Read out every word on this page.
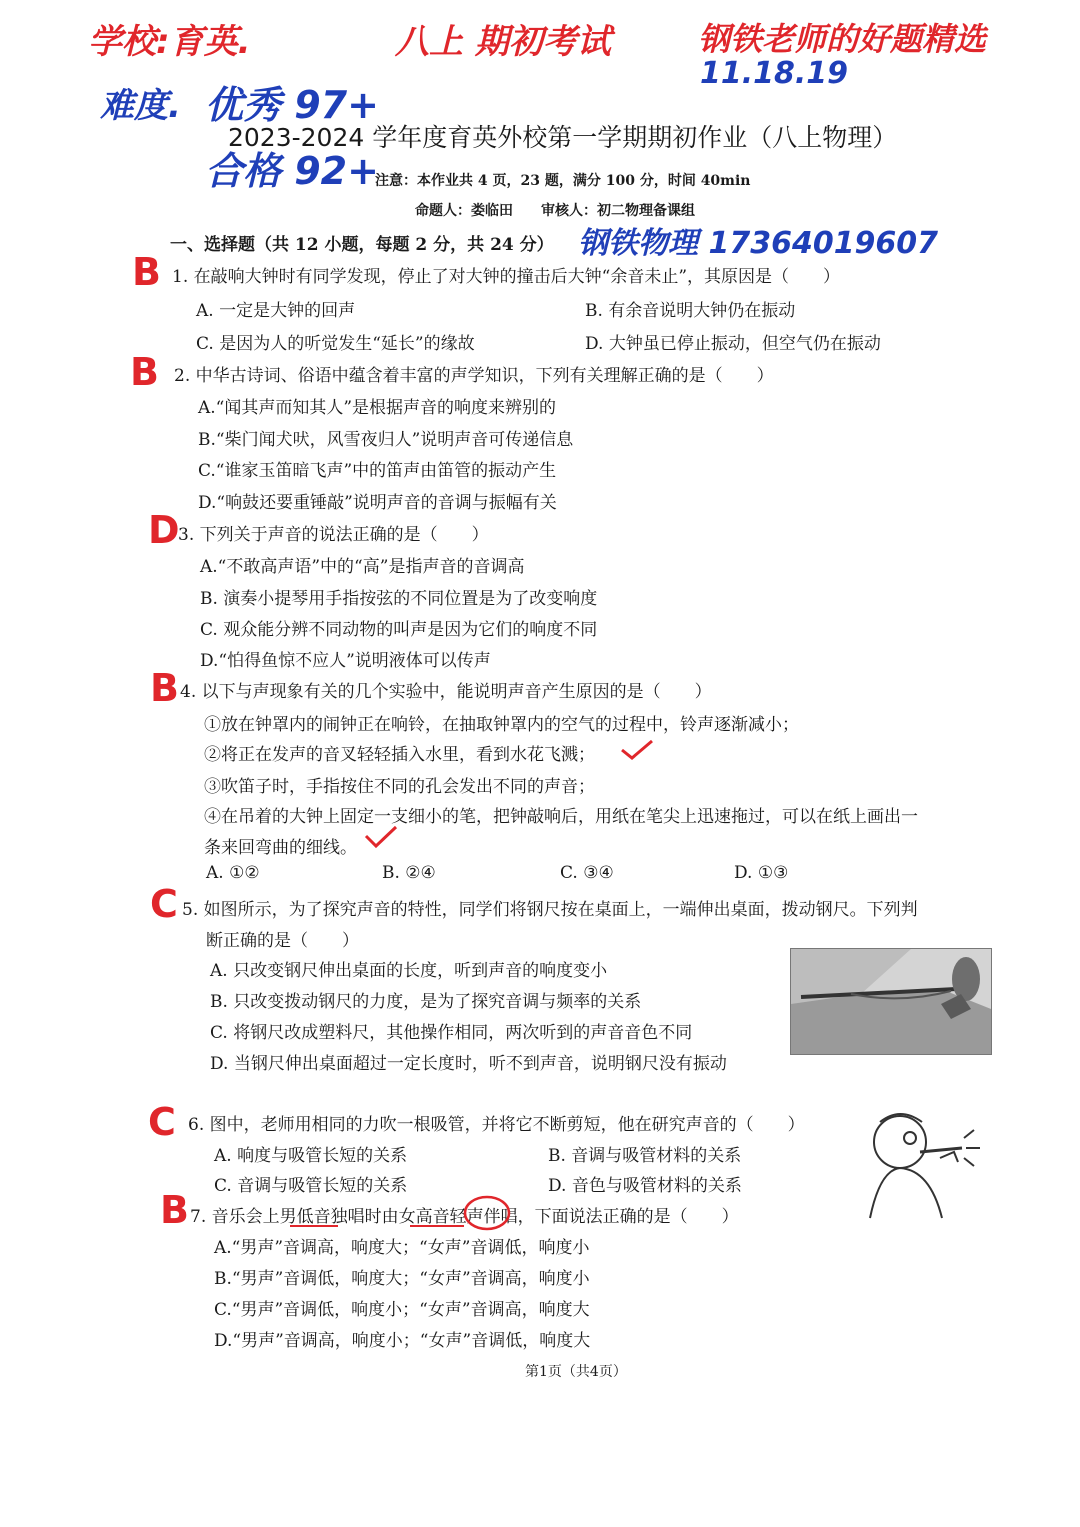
学校:育英.	八上 期初考试	钢铁老师的好题精选
11.18.19
难度. 优秀 97+
合格 92+
钢铁物理 17364019607
2023-2024 学年度育英外校第一学期期初作业（八上物理）
注意：本作业共 4 页，23 题，满分 100 分，时间 40min
命题人：娄临田　　审核人：初二物理备课组
一、选择题（共 12 小题，每题 2 分，共 24 分）
B 1. 在敲响大钟时有同学发现，停止了对大钟的撞击后大钟“余音未止”，其原因是（　　）
A. 一定是大钟的回声	B. 有余音说明大钟仍在振动
C. 是因为人的听觉发生“延长”的缘故	D. 大钟虽已停止振动，但空气仍在振动
B 2. 中华古诗词、俗语中蕴含着丰富的声学知识，下列有关理解正确的是（　　）
A.“闻其声而知其人”是根据声音的响度来辨别的
B.“柴门闻犬吠，风雪夜归人”说明声音可传递信息
C.“谁家玉笛暗飞声”中的笛声由笛管的振动产生
D.“响鼓还要重锤敲”说明声音的音调与振幅有关
D
3. 下列关于声音的说法正确的是（　　）
A.“不敢高声语”中的“高”是指声音的音调高
B. 演奏小提琴用手指按弦的不同位置是为了改变响度
C. 观众能分辨不同动物的叫声是因为它们的响度不同
D.“怕得鱼惊不应人”说明液体可以传声
B 4. 以下与声现象有关的几个实验中，能说明声音产生原因的是（　　）
①放在钟罩内的闹钟正在响铃，在抽取钟罩内的空气的过程中，铃声逐渐减小；
②将正在发声的音叉轻轻插入水里，看到水花飞溅；
③吹笛子时，手指按住不同的孔会发出不同的声音；
④在吊着的大钟上固定一支细小的笔，把钟敲响后，用纸在笔尖上迅速拖过，可以在纸上画出一
条来回弯曲的细线。
A. ①②	B. ②④	C. ③④	D. ①③
C 5. 如图所示，为了探究声音的特性，同学们将钢尺按在桌面上，一端伸出桌面，拨动钢尺。下列判
断正确的是（　　）
A. 只改变钢尺伸出桌面的长度，听到声音的响度变小
B. 只改变拨动钢尺的力度，是为了探究音调与频率的关系
C. 将钢尺改成塑料尺，其他操作相同，两次听到的声音音色不同
D. 当钢尺伸出桌面超过一定长度时，听不到声音，说明钢尺没有振动
C 6. 图中，老师用相同的力吹一根吸管，并将它不断剪短，他在研究声音的（　　）
A. 响度与吸管长短的关系	B. 音调与吸管材料的关系
C. 音调与吸管长短的关系	D. 音色与吸管材料的关系
B 7. 音乐会上男低音独唱时由女高音轻声伴唱，下面说法正确的是（　　）
A.“男声”音调高，响度大；“女声”音调低，响度小
B.“男声”音调低，响度大；“女声”音调高，响度小
C.“男声”音调低，响度小；“女声”音调高，响度大
D.“男声”音调高，响度小；“女声”音调低，响度大
第1页（共4页）
